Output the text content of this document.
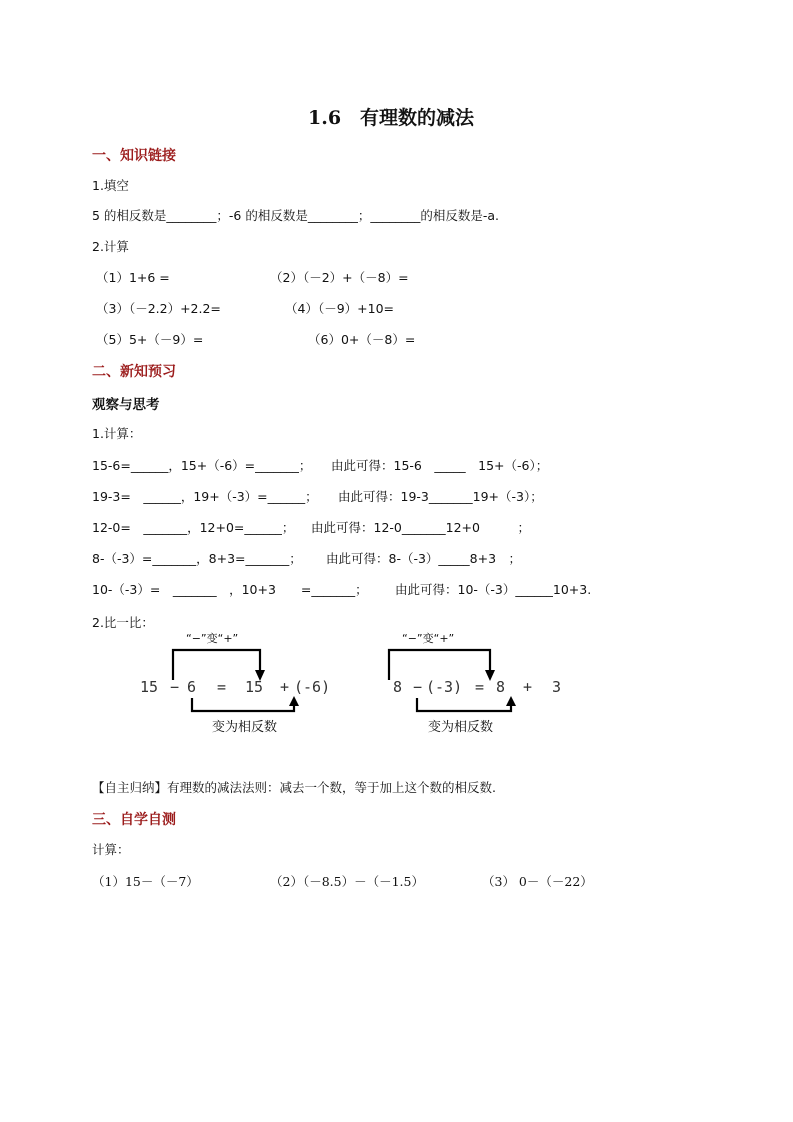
1.6　有理数的减法
一、知识链接
1.填空
5 的相反数是________；-6 的相反数是________；________的相反数是-a.
2.计算
（1）1+6 =	（2）（－2）+（－8）=
（3）（－2.2）+2.2=	（4）（－9）+10=
（5）5+（－9）=	（6）0+（－8）=
二、新知预习
观察与思考
1.计算：
15-6=______，15+（-6）=_______； 由此可得：15-6　_____　15+（-6）；
19-3=　______，19+（-3）=______； 由此可得：19-3_______19+（-3）；
12-0=　_______，12+0=______； 由此可得：12-0_______12+0　　　；
8-（-3）=_______，8+3=_______； 由此可得：8-（-3）_____8+3　；
10-（-3）=　_______　，10+3　　=_______； 由此可得：10-（-3）______10+3.
2.比一比：
“−”变“+”
15 − 6 = 15 + (-6)
变为相反数
“−”变“+”
8 − (-3) = 8 + 3
变为相反数
【自主归纳】有理数的减法法则：减去一个数，等于加上这个数的相反数.
三、自学自测
计算：
（1）15－（－7）	（2）（－8.5）－（－1.5）	（3） 0－（－22）
